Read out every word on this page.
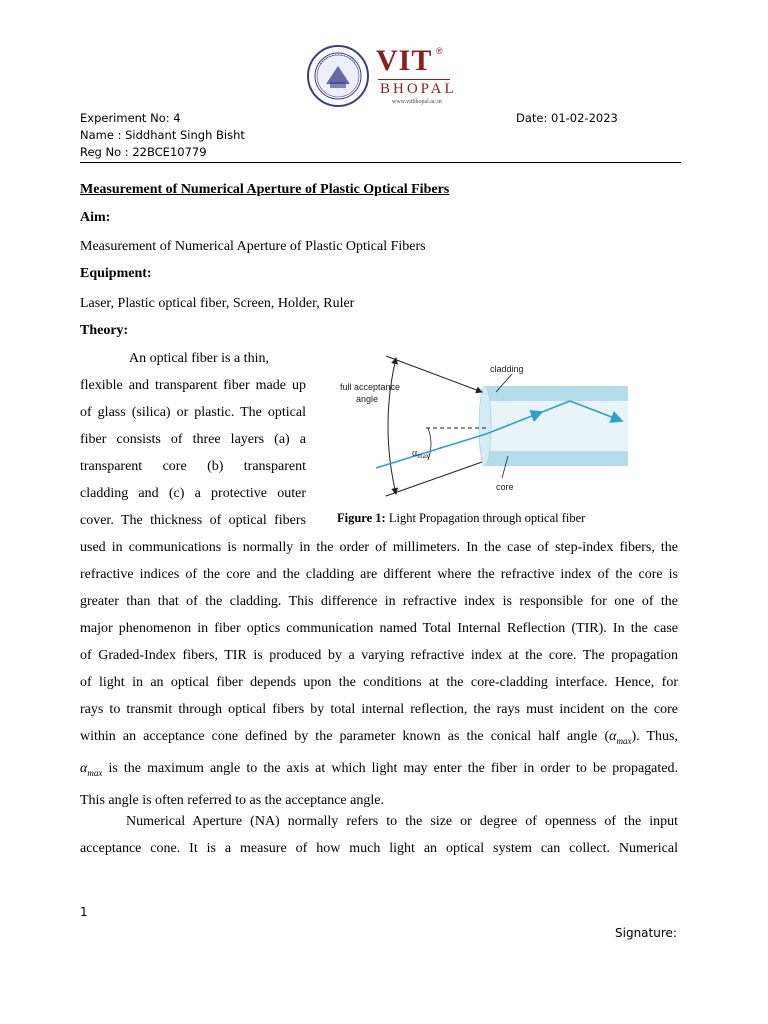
VIT ®
BHOPAL
www.vitbhopal.ac.in
Experiment No: 4	Date: 01-02-2023
Name : Siddhant Singh Bisht
Reg No : 22BCE10779
Measurement of Numerical Aperture of Plastic Optical Fibers
Aim:
Measurement of Numerical Aperture of Plastic Optical Fibers
Equipment:
Laser, Plastic optical fiber, Screen, Holder, Ruler
Theory:
An optical fiber is a thin,
flexible and transparent fiber made up
of glass (silica) or plastic. The optical
fiber consists of three layers (a) a
transparent core (b) transparent
cladding and (c) a protective outer
cover. The thickness of optical fibers
cladding
full acceptance
angle
core
$\alpha_{max}$
Figure 1: Light Propagation through optical fiber
used in communications is normally in the order of millimeters. In the case of step-index fibers, the
refractive indices of the core and the cladding are different where the refractive index of the core is
greater than that of the cladding. This difference in refractive index is responsible for one of the
major phenomenon in fiber optics communication named Total Internal Reflection (TIR). In the case
of Graded-Index fibers, TIR is produced by a varying refractive index at the core. The propagation
of light in an optical fiber depends upon the conditions at the core-cladding interface. Hence, for
rays to transmit through optical fibers by total internal reflection, the rays must incident on the core
within an acceptance cone defined by the parameter known as the conical half angle $(\alpha_{max})$. Thus,
$\alpha_{max}$ is the maximum angle to the axis at which light may enter the fiber in order to be propagated.
This angle is often referred to as the acceptance angle.
Numerical Aperture (NA) normally refers to the size or degree of openness of the input
acceptance cone. It is a measure of how much light an optical system can collect. Numerical
1
Signature:
